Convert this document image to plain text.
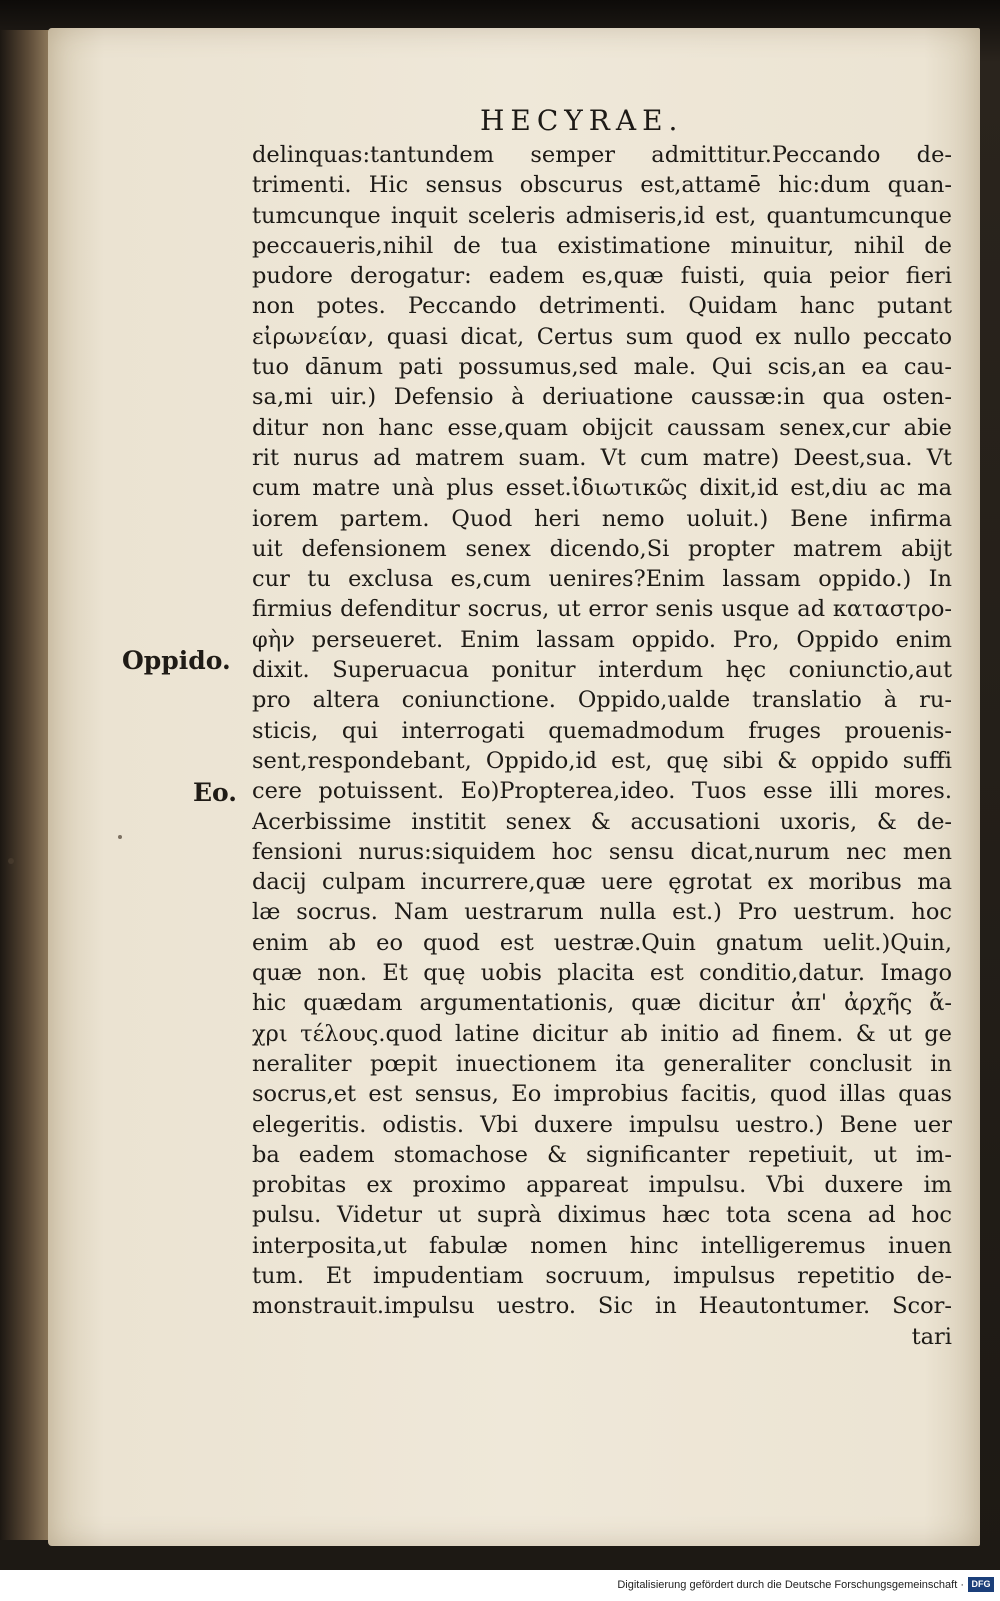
HECYRAE.
Oppido.
Eo.
delinquas:tantundem semper admittitur.Peccando de-
trimenti. Hic sensus obscurus est,attamē hic:dum quan-
tumcunque inquit sceleris admiseris,id est, quantumcunque
peccaueris,nihil de tua existimatione minuitur, nihil de
pudore derogatur: eadem es,quæ fuisti, quia peior fieri
non potes. Peccando detrimenti. Quidam hanc putant
εἰρωνείαν, quasi dicat, Certus sum quod ex nullo peccato
tuo dānum pati possumus,sed male. Qui scis,an ea cau-
sa,mi uir.) Defensio à deriuatione caussæ:in qua osten-
ditur non hanc esse,quam obijcit caussam senex,cur abie
rit nurus ad matrem suam. Vt cum matre) Deest,sua. Vt
cum matre unà plus esset.ἰδιωτικῶς dixit,id est,diu ac ma
iorem partem. Quod heri nemo uoluit.) Bene infirma
uit defensionem senex dicendo,Si propter matrem abijt
cur tu exclusa es,cum uenires?Enim lassam oppido.) In
firmius defenditur socrus, ut error senis usque ad καταστρο-
φὴν perseueret. Enim lassam oppido. Pro, Oppido enim
dixit. Superuacua ponitur interdum hęc coniunctio,aut
pro altera coniunctione. Oppido,ualde translatio à ru-
sticis, qui interrogati quemadmodum fruges prouenis-
sent,respondebant, Oppido,id est, quę sibi & oppido suffi
cere potuissent. Eo)Propterea,ideo. Tuos esse illi mores.
Acerbissime institit senex & accusationi uxoris, & de-
fensioni nurus:siquidem hoc sensu dicat,nurum nec men
dacij culpam incurrere,quæ uere ęgrotat ex moribus ma
læ socrus. Nam uestrarum nulla est.) Pro uestrum. hoc
enim ab eo quod est uestræ.Quin gnatum uelit.)Quin,
quæ non. Et quę uobis placita est conditio,datur. Imago
hic quædam argumentationis, quæ dicitur ἀπ' ἀρχῆς ἄ-
χρι τέλους.quod latine dicitur ab initio ad finem. & ut ge
neraliter pœpit inuectionem ita generaliter conclusit in
socrus,et est sensus, Eo improbius facitis, quod illas quas
elegeritis. odistis. Vbi duxere impulsu uestro.) Bene uer
ba eadem stomachose & significanter repetiuit, ut im-
probitas ex proximo appareat impulsu. Vbi duxere im
pulsu. Videtur ut suprà diximus hæc tota scena ad hoc
interposita,ut fabulæ nomen hinc intelligeremus inuen
tum. Et impudentiam socruum, impulsus repetitio de-
monstrauit.impulsu uestro. Sic in Heautontumer. Scor-
tari
Digitalisierung gefördert durch die Deutsche Forschungsgemeinschaft · DFG
